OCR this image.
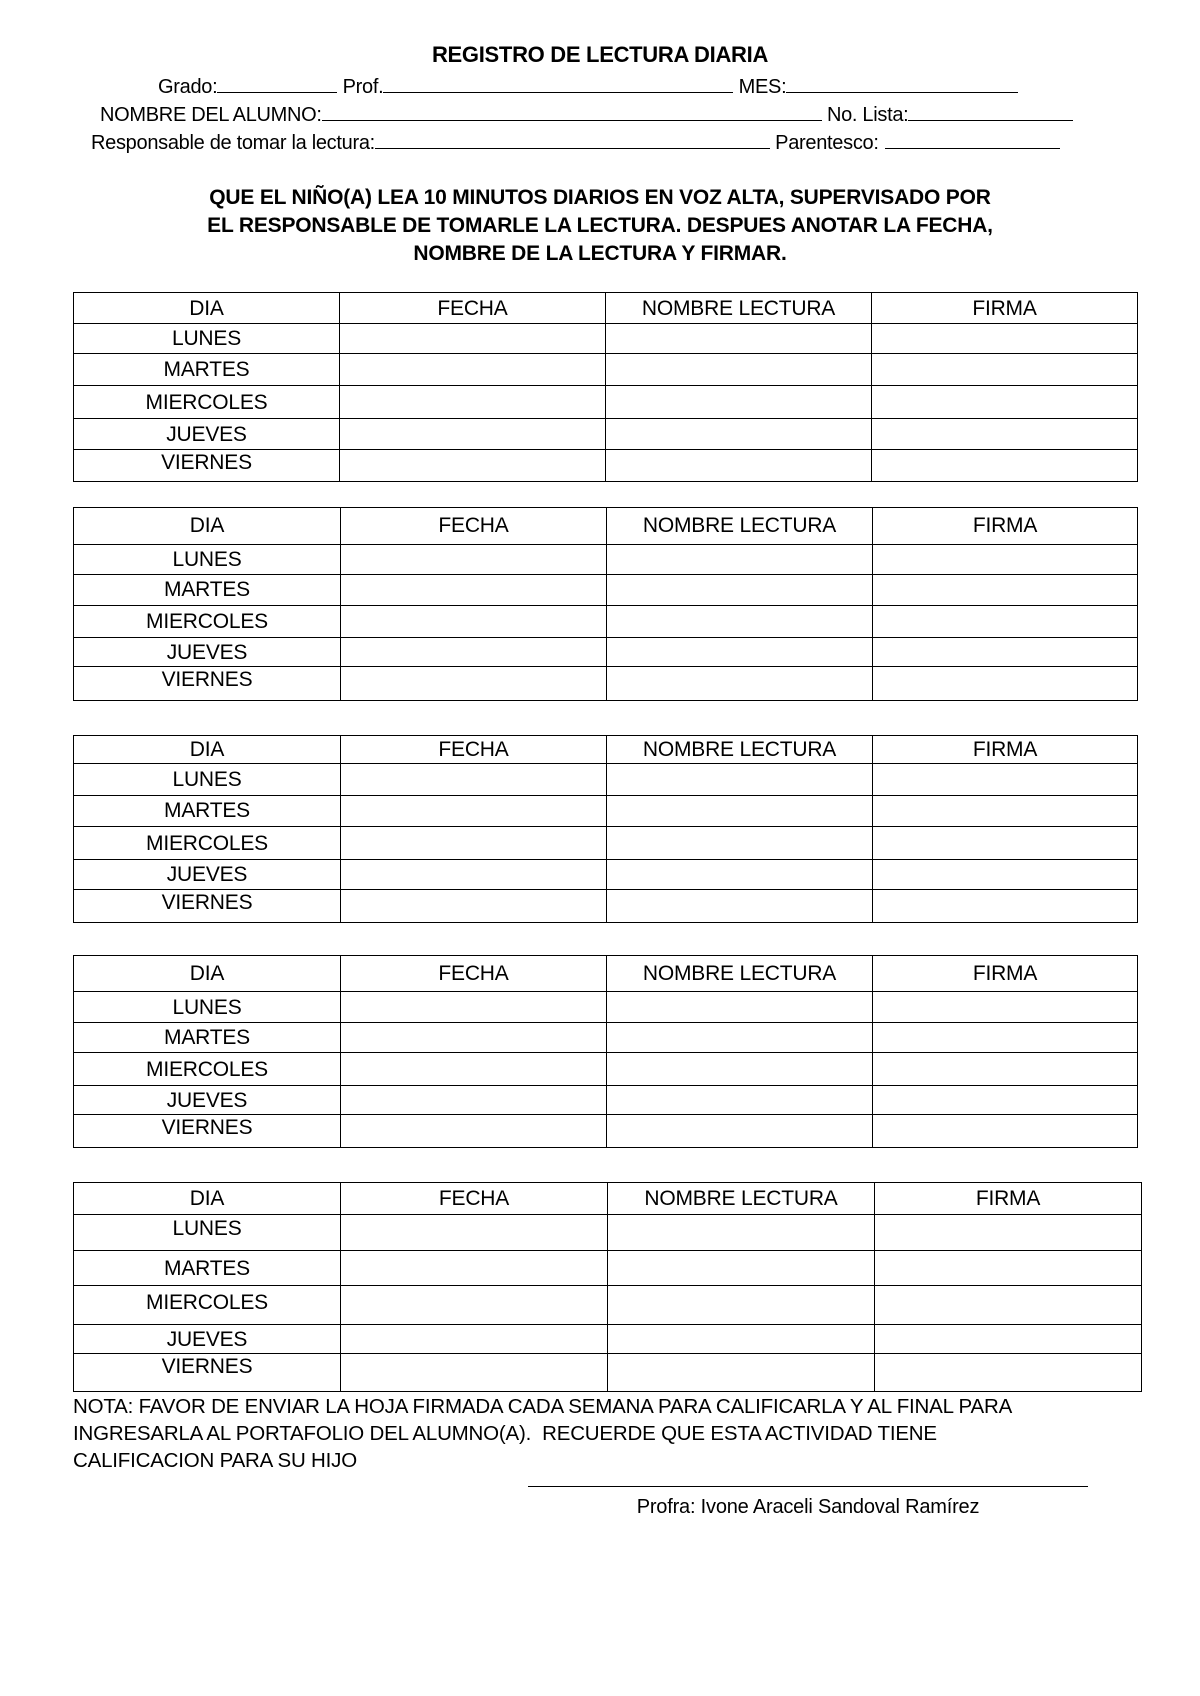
REGISTRO DE LECTURA DIARIA
Grado:	Prof.	MES:
NOMBRE DEL ALUMNO:	No. Lista:
Responsable de tomar la lectura:	Parentesco:
QUE EL NIÑO(A) LEA 10 MINUTOS DIARIOS EN VOZ ALTA, SUPERVISADO POR
EL RESPONSABLE DE TOMARLE LA LECTURA. DESPUES ANOTAR LA FECHA,
NOMBRE DE LA LECTURA Y FIRMAR.
DIA	FECHA	NOMBRE LECTURA	FIRMA
LUNES			
MARTES			
MIERCOLES			
JUEVES			
VIERNES			
DIA	FECHA	NOMBRE LECTURA	FIRMA
LUNES			
MARTES			
MIERCOLES			
JUEVES			
VIERNES			
DIA	FECHA	NOMBRE LECTURA	FIRMA
LUNES			
MARTES			
MIERCOLES			
JUEVES			
VIERNES			
DIA	FECHA	NOMBRE LECTURA	FIRMA
LUNES			
MARTES			
MIERCOLES			
JUEVES			
VIERNES			
DIA	FECHA	NOMBRE LECTURA	FIRMA
LUNES			
MARTES			
MIERCOLES			
JUEVES			
VIERNES			
NOTA: FAVOR DE ENVIAR LA HOJA FIRMADA CADA SEMANA PARA CALIFICARLA Y AL FINAL PARA
INGRESARLA AL PORTAFOLIO DEL ALUMNO(A).  RECUERDE QUE ESTA ACTIVIDAD TIENE
CALIFICACION PARA SU HIJO
Profra: Ivone Araceli Sandoval Ramírez
